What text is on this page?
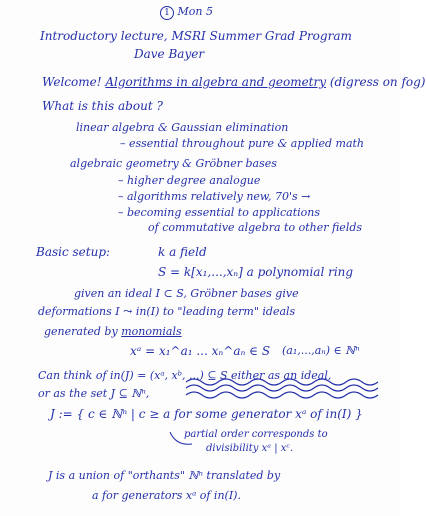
1 Mon 5
Introductory lecture, MSRI Summer Grad Program
Dave Bayer
Welcome! Algorithms in algebra and geometry (digress on fog)
What is this about ?
linear algebra & Gaussian elimination
– essential throughout pure & applied math
algebraic geometry & Gröbner bases
– higher degree analogue
– algorithms relatively new, 70's →
– becoming essential to applications
of commutative algebra to other fields
Basic setup:	k a field
S = k[x₁,...,xₙ] a polynomial ring
given an ideal I ⊂ S, Gröbner bases give
deformations I ⤳ in(I) to "leading term" ideals
generated by monomials
xᵃ = x₁^a₁ ... xₙ^aₙ ∈ S (a₁,...,aₙ) ∈ ℕⁿ
Can think of in(J) = (xᵃ, xᵇ, ...) ⊆ S either as an ideal,
or as the set J ⊆ ℕⁿ,
J := { c ∈ ℕⁿ | c ≥ a for some generator xᵃ of in(I) }
partial order corresponds to
divisibility xᵃ | xᶜ.
J is a union of "orthants" ℕⁿ translated by
a for generators xᵃ of in(I).
